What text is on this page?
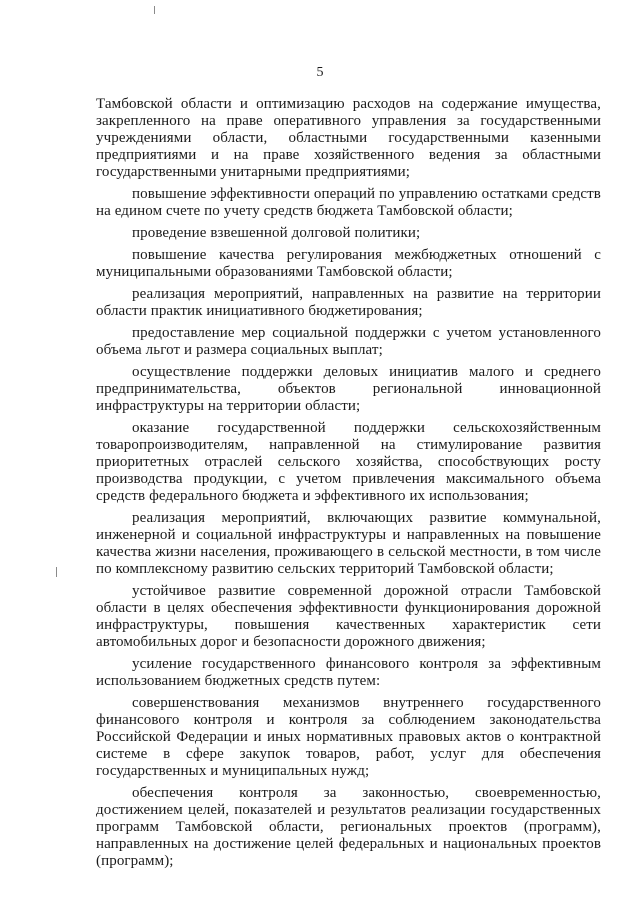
5

Тамбовской области и оптимизацию расходов на содержание имущества, закрепленного на праве оперативного управления за государственными учреждениями области, областными государственными казенными предприятиями и на праве хозяйственного ведения за областными государственными унитарными предприятиями;

повышение эффективности операций по управлению остатками средств на едином счете по учету средств бюджета Тамбовской области;

проведение взвешенной долговой политики;

повышение качества регулирования межбюджетных отношений с муниципальными образованиями Тамбовской области;

реализация мероприятий, направленных на развитие на территории области практик инициативного бюджетирования;

предоставление мер социальной поддержки с учетом установленного объема льгот и размера социальных выплат;

осуществление поддержки деловых инициатив малого и среднего предпринимательства, объектов региональной инновационной инфраструктуры на территории области;

оказание государственной поддержки сельскохозяйственным товаропроизводителям, направленной на стимулирование развития приоритетных отраслей сельского хозяйства, способствующих росту производства продукции, с учетом привлечения максимального объема средств федерального бюджета и эффективного их использования;

реализация мероприятий, включающих развитие коммунальной, инженерной и социальной инфраструктуры и направленных на повышение качества жизни населения, проживающего в сельской местности, в том числе по комплексному развитию сельских территорий Тамбовской области;

устойчивое развитие современной дорожной отрасли Тамбовской области в целях обеспечения эффективности функционирования дорожной инфраструктуры, повышения качественных характеристик сети автомобильных дорог и безопасности дорожного движения;

усиление государственного финансового контроля за эффективным использованием бюджетных средств путем:

совершенствования механизмов внутреннего государственного финансового контроля и контроля за соблюдением законодательства Российской Федерации и иных нормативных правовых актов о контрактной системе в сфере закупок товаров, работ, услуг для обеспечения государственных и муниципальных нужд;

обеспечения контроля за законностью, своевременностью, достижением целей, показателей и результатов реализации государственных программ Тамбовской области, региональных проектов (программ), направленных на достижение целей федеральных и национальных проектов (программ);
